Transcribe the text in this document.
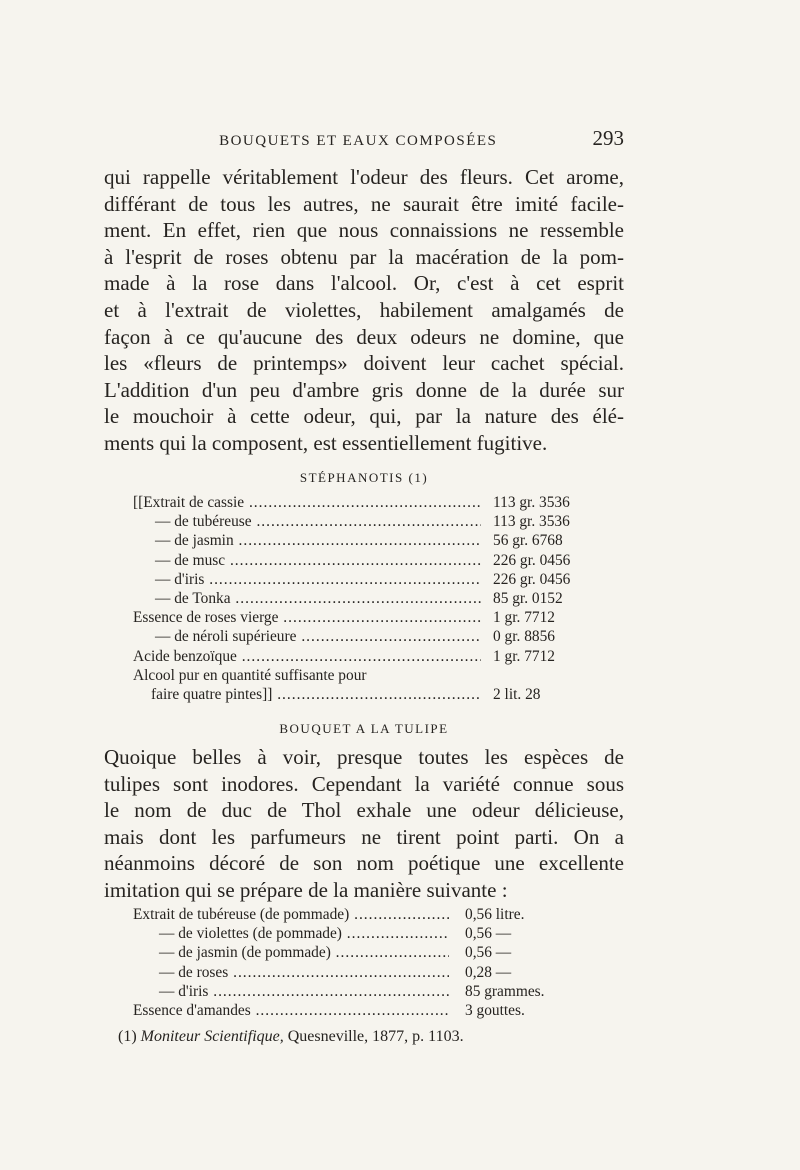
BOUQUETS ET EAUX COMPOSÉES	293
qui rappelle véritablement l'odeur des fleurs. Cet arome,
différant de tous les autres, ne saurait être imité facile-
ment. En effet, rien que nous connaissions ne ressemble
à l'esprit de roses obtenu par la macération de la pom-
made à la rose dans l'alcool. Or, c'est à cet esprit
et à l'extrait de violettes, habilement amalgamés de
façon à ce qu'aucune des deux odeurs ne domine, que
les «fleurs de printemps» doivent leur cachet spécial.
L'addition d'un peu d'ambre gris donne de la durée sur
le mouchoir à cette odeur, qui, par la nature des élé-
ments qui la composent, est essentiellement fugitive.
STÉPHANOTIS (1)
[[Extrait de cassie .....	113 gr. 3536
— de tubéreuse .....	113 gr. 3536
— de jasmin .....	56 gr. 6768
— de musc .....	226 gr. 0456
— d'iris .....	226 gr. 0456
— de Tonka .....	85 gr. 0152
Essence de roses vierge .....	1 gr. 7712
— de néroli supérieure .....	0 gr. 8856
Acide benzoïque .....	1 gr. 7712
Alcool pur en quantité suffisante pour
faire quatre pintes]] .....	2 lit. 28
BOUQUET A LA TULIPE
Quoique belles à voir, presque toutes les espèces de
tulipes sont inodores. Cependant la variété connue sous
le nom de duc de Thol exhale une odeur délicieuse,
mais dont les parfumeurs ne tirent point parti. On a
néanmoins décoré de son nom poétique une excellente
imitation qui se prépare de la manière suivante :
Extrait de tubéreuse (de pommade) .....	0,56 litre.
— de violettes (de pommade) .....	0,56 —
— de jasmin (de pommade) .....	0,56 —
— de roses .....	0,28 —
— d'iris .....	85 grammes.
Essence d'amandes .....	3 gouttes.
(1) Moniteur Scientifique, Quesneville, 1877, p. 1103.
